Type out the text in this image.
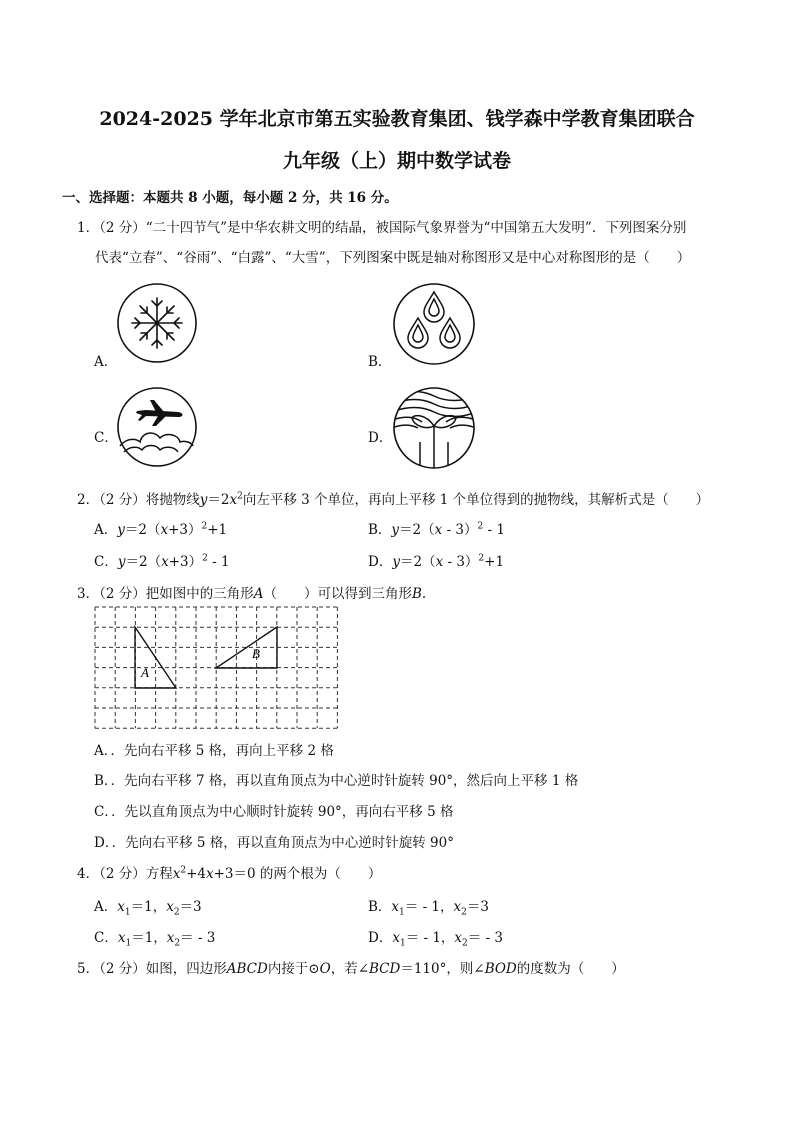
2024-2025 学年北京市第五实验教育集团、钱学森中学教育集团联合
九年级（上）期中数学试卷
一、选择题：本题共 8 小题，每小题 2 分，共 16 分。
1．（2 分）“二十四节气”是中华农耕文明的结晶，被国际气象界誉为“中国第五大发明”．下列图案分别
代表“立春”、“谷雨”、“白露”、“大雪”，下列图案中既是轴对称图形又是中心对称图形的是（　　）
A．	B．
C．	D．
2．（2 分）将抛物线$y=2x^2$向左平移 3 个单位，再向上平移 1 个单位得到的抛物线，其解析式是（　　）
A．$y=2(x+3)^2+1$	B．y＝2（x - 3）$^2$ - 1
C．$y=2(x+3)^2 - 1$	D．y＝2（x - 3）$^2$+1
3．（2 分）把如图中的三角形A（　　）可以得到三角形B.
A
B
A．．先向右平移 5 格，再向上平移 2 格
B．．先向右平移 7 格，再以直角顶点为中心逆时针旋转 90°，然后向上平移 1 格
C．．先以直角顶点为中心顺时针旋转 90°，再向右平移 5 格
D．．先向右平移 5 格，再以直角顶点为中心逆时针旋转 90°
4．（2 分）方程$x^2+4x+3=0$ 的两个根为（　　）
A．$x_1=1$，$x_2=3$	B．$x_1= - 1$，$x_2=3$
C．$x_1=1$，$x_2= - 3$	D．$x_1= - 1$，$x_2= - 3$
5．（2 分）如图，四边形ABCD内接于⊙O，若∠BCD＝110°，则∠BOD的度数为（　　）
